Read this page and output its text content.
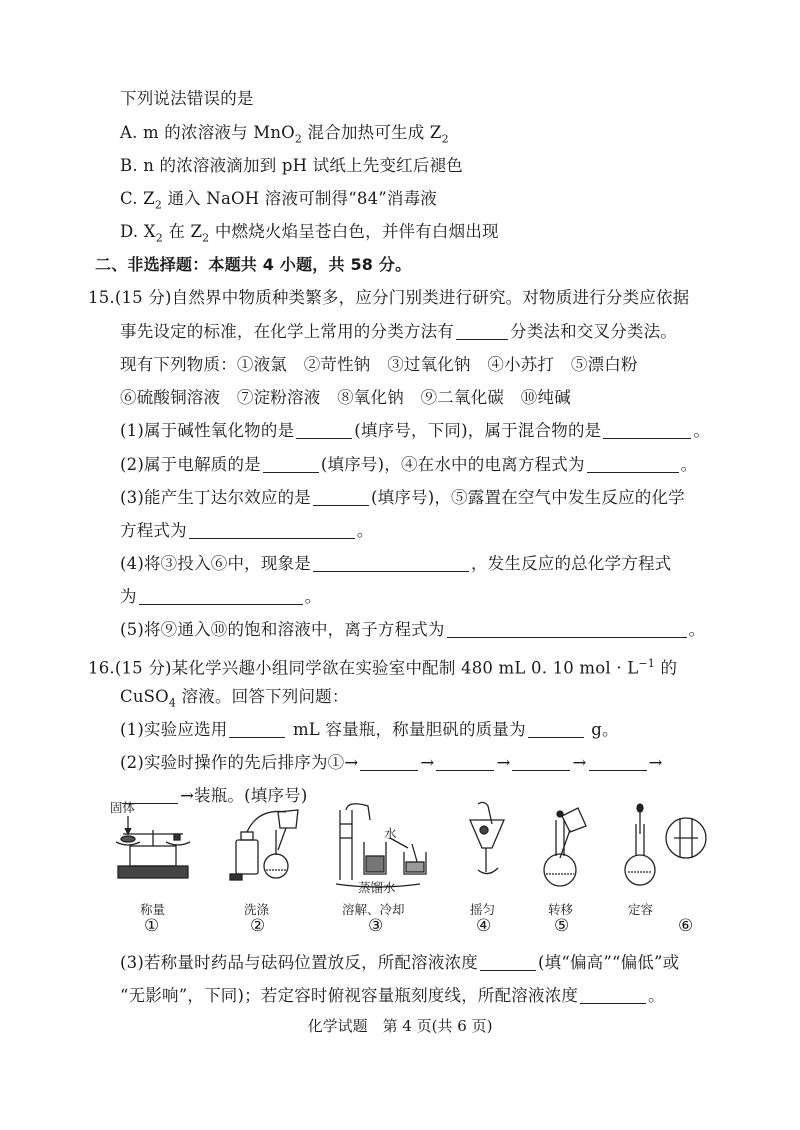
下列说法错误的是
A. m 的浓溶液与 MnO$_2$ 混合加热可生成 $Z_2$
B. n 的浓溶液滴加到 pH 试纸上先变红后褪色
C. $Z_2$ 通入 NaOH 溶液可制得“84”消毒液
D. $X_2$ 在 $Z_2$ 中燃烧火焰呈苍白色，并伴有白烟出现
二、非选择题：本题共 4 小题，共 58 分。
15.(15 分)自然界中物质种类繁多，应分门别类进行研究。对物质进行分类应依据
事先设定的标准，在化学上常用的分类方法有	分类法和交叉分类法。
现有下列物质：①液氯　②苛性钠　③过氧化钠　④小苏打　⑤漂白粉
⑥硫酸铜溶液　⑦淀粉溶液　⑧氧化钠　⑨二氧化碳　⑩纯碱
(1)属于碱性氧化物的是	(填序号，下同)，属于混合物的是	。
(2)属于电解质的是	(填序号)，④在水中的电离方程式为	。
(3)能产生丁达尔效应的是	(填序号)，⑤露置在空气中发生反应的化学
方程式为	。
(4)将③投入⑥中，现象是	，发生反应的总化学方程式
为	。
(5)将⑨通入⑩的饱和溶液中，离子方程式为	。
16.(15 分)某化学兴趣小组同学欲在实验室中配制 480 mL 0. 10 mol · $L^{-1}$ 的
CuSO$_4$ 溶液。回答下列问题：
(1)实验应选用	mL 容量瓶，称量胆矾的质量为	g。
(2)实验时操作的先后排序为①→	→	→	→	→
→装瓶。(填序号)
固体
水
蒸馏水
称量	洗涤	溶解、冷却	摇匀	转移	定容
①	②	③	④	⑤	⑥
(3)若称量时药品与砝码位置放反，所配溶液浓度	(填“偏高”“偏低”或
“无影响”，下同)；若定容时俯视容量瓶刻度线，所配溶液浓度	。
化学试题　第 4 页(共 6 页)
